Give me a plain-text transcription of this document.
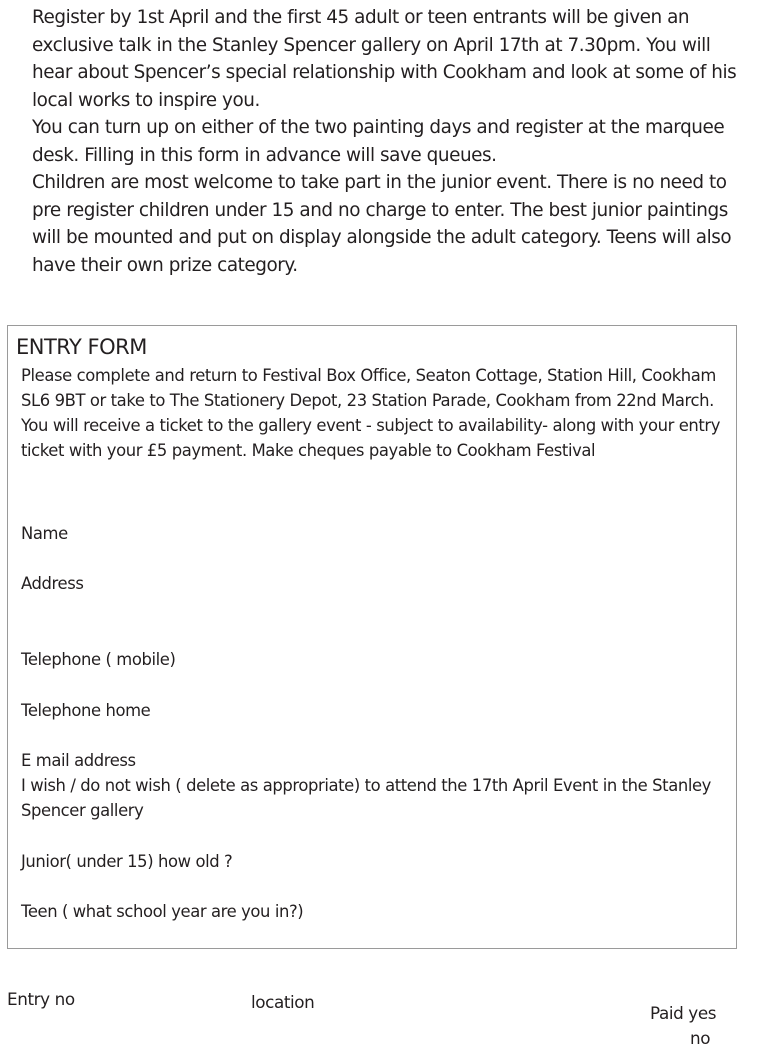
Register by 1st April and the first 45 adult or teen entrants will be given an exclusive talk in the Stanley Spencer gallery on April 17th at 7.30pm. You will hear about Spencer’s special relationship with Cookham and look at some of his local works to inspire you.

You can turn up on either of the two painting days and register at the marquee desk. Filling in this form in advance will save queues.

Children are most welcome to take part in the junior event. There is no need to pre register children under 15 and no charge to enter. The best junior paintings will be mounted and put on display alongside the adult category. Teens will also have their own prize category.

ENTRY FORM

Please complete and return to Festival Box Office, Seaton Cottage, Station Hill, Cookham SL6 9BT or take to The Stationery Depot, 23 Station Parade, Cookham from 22nd March. You will receive a ticket to the gallery event - subject to availability- along with your entry ticket with your £5 payment. Make cheques payable to Cookham Festival

Name
Address
Telephone ( mobile)
Telephone home
E mail address
I wish / do not wish ( delete as appropriate) to attend the 17th April Event in the Stanley Spencer gallery
Junior( under 15) how old ?
Teen ( what school year are you in?)
Entry no	location
Paid yes
no
